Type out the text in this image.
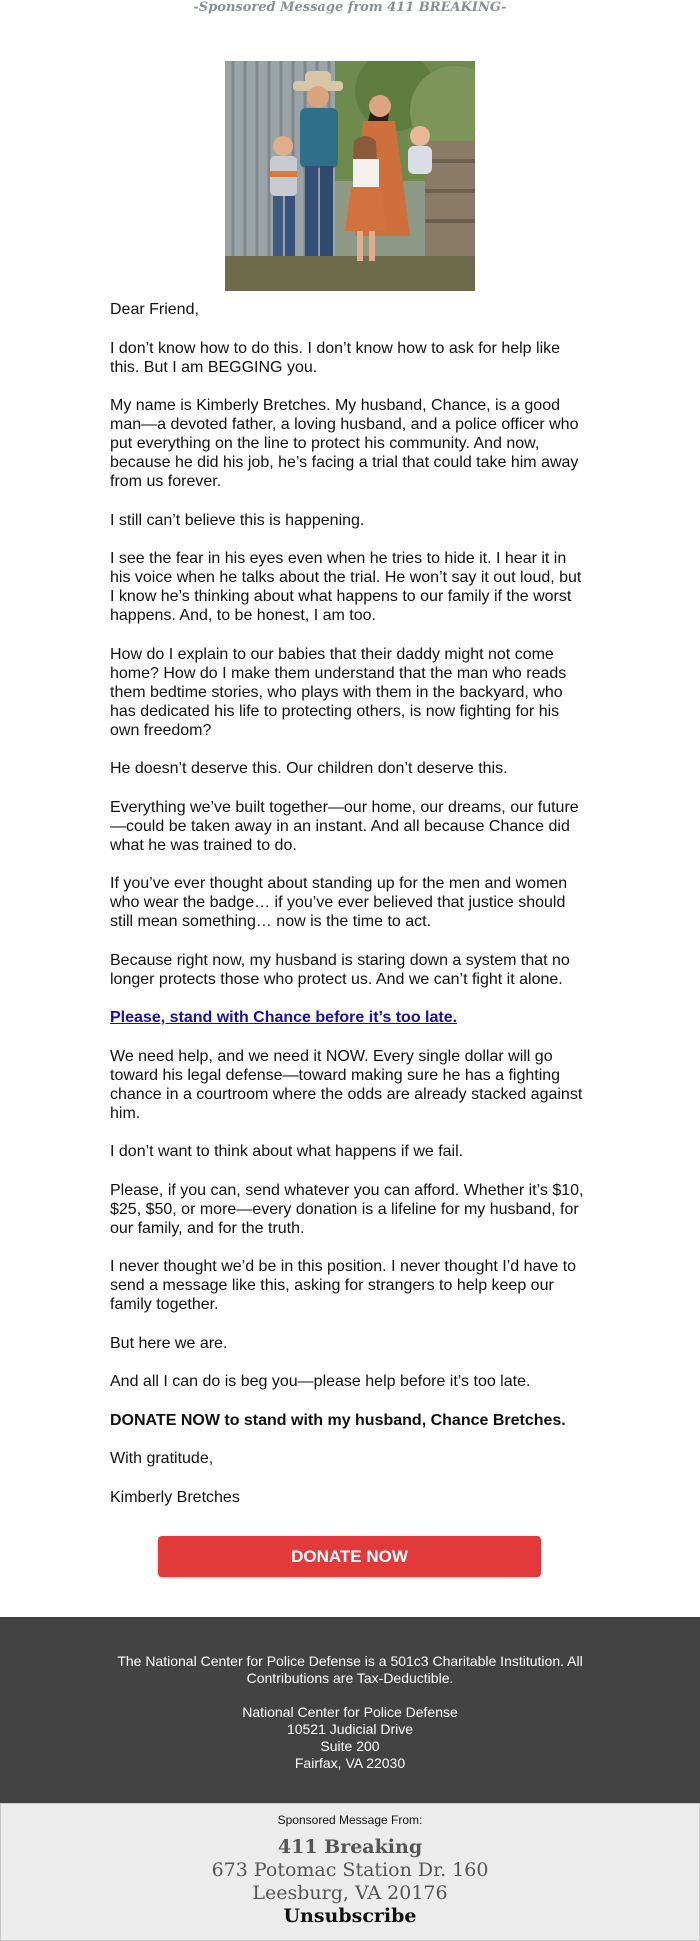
-Sponsored Message from 411 BREAKING-

Dear Friend,

I don’t know how to do this. I don’t know how to ask for help like this. But I am BEGGING you.

My name is Kimberly Bretches. My husband, Chance, is a good man—a devoted father, a loving husband, and a police officer who put everything on the line to protect his community. And now, because he did his job, he’s facing a trial that could take him away from us forever.

I still can’t believe this is happening.

I see the fear in his eyes even when he tries to hide it. I hear it in his voice when he talks about the trial. He won’t say it out loud, but I know he’s thinking about what happens to our family if the worst happens. And, to be honest, I am too.

How do I explain to our babies that their daddy might not come home? How do I make them understand that the man who reads them bedtime stories, who plays with them in the backyard, who has dedicated his life to protecting others, is now fighting for his own freedom?

He doesn’t deserve this. Our children don’t deserve this.

Everything we’ve built together—our home, our dreams, our future—could be taken away in an instant. And all because Chance did what he was trained to do.

If you’ve ever thought about standing up for the men and women who wear the badge… if you’ve ever believed that justice should still mean something… now is the time to act.

Because right now, my husband is staring down a system that no longer protects those who protect us. And we can’t fight it alone.

Please, stand with Chance before it’s too late.

We need help, and we need it NOW. Every single dollar will go toward his legal defense—toward making sure he has a fighting chance in a courtroom where the odds are already stacked against him.

I don’t want to think about what happens if we fail.

Please, if you can, send whatever you can afford. Whether it’s $10, $25, $50, or more—every donation is a lifeline for my husband, for our family, and for the truth.

I never thought we’d be in this position. I never thought I’d have to send a message like this, asking for strangers to help keep our family together.

But here we are.

And all I can do is beg you—please help before it’s too late.

DONATE NOW to stand with my husband, Chance Bretches.

With gratitude,

Kimberly Bretches

DONATE NOW
The National Center for Police Defense is a 501c3 Charitable Institution. All Contributions are Tax-Deductible.
National Center for Police Defense
10521 Judicial Drive
Suite 200
Fairfax, VA 22030
Sponsored Message From:
411 Breaking
673 Potomac Station Dr. 160
Leesburg, VA 20176
Unsubscribe
